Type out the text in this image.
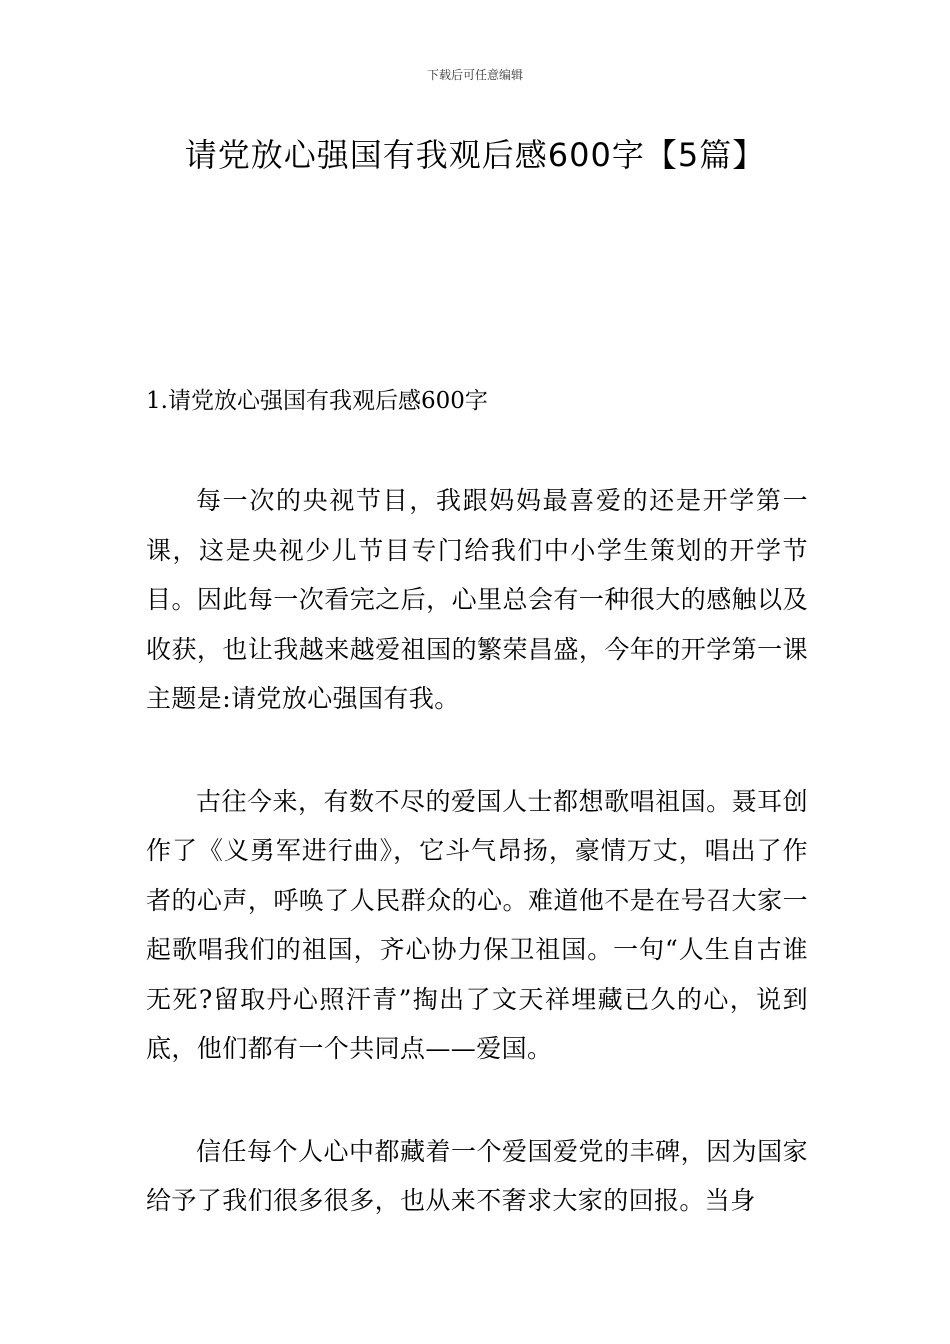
下载后可任意编辑
请党放心强国有我观后感600字【5篇】
1.请党放心强国有我观后感600字

每一次的央视节目，我跟妈妈最喜爱的还是开学第一课，这是央视少儿节目专门给我们中小学生策划的开学节目。因此每一次看完之后，心里总会有一种很大的感触以及收获，也让我越来越爱祖国的繁荣昌盛，今年的开学第一课主题是:请党放心强国有我。

古往今来，有数不尽的爱国人士都想歌唱祖国。聂耳创作了《义勇军进行曲》，它斗气昂扬，豪情万丈，唱出了作者的心声，呼唤了人民群众的心。难道他不是在号召大家一起歌唱我们的祖国，齐心协力保卫祖国。一句“人生自古谁无死?留取丹心照汗青”掏出了文天祥埋藏已久的心，说到底，他们都有一个共同点——爱国。

信任每个人心中都藏着一个爱国爱党的丰碑，因为国家给予了我们很多很多，也从来不奢求大家的回报。当身
